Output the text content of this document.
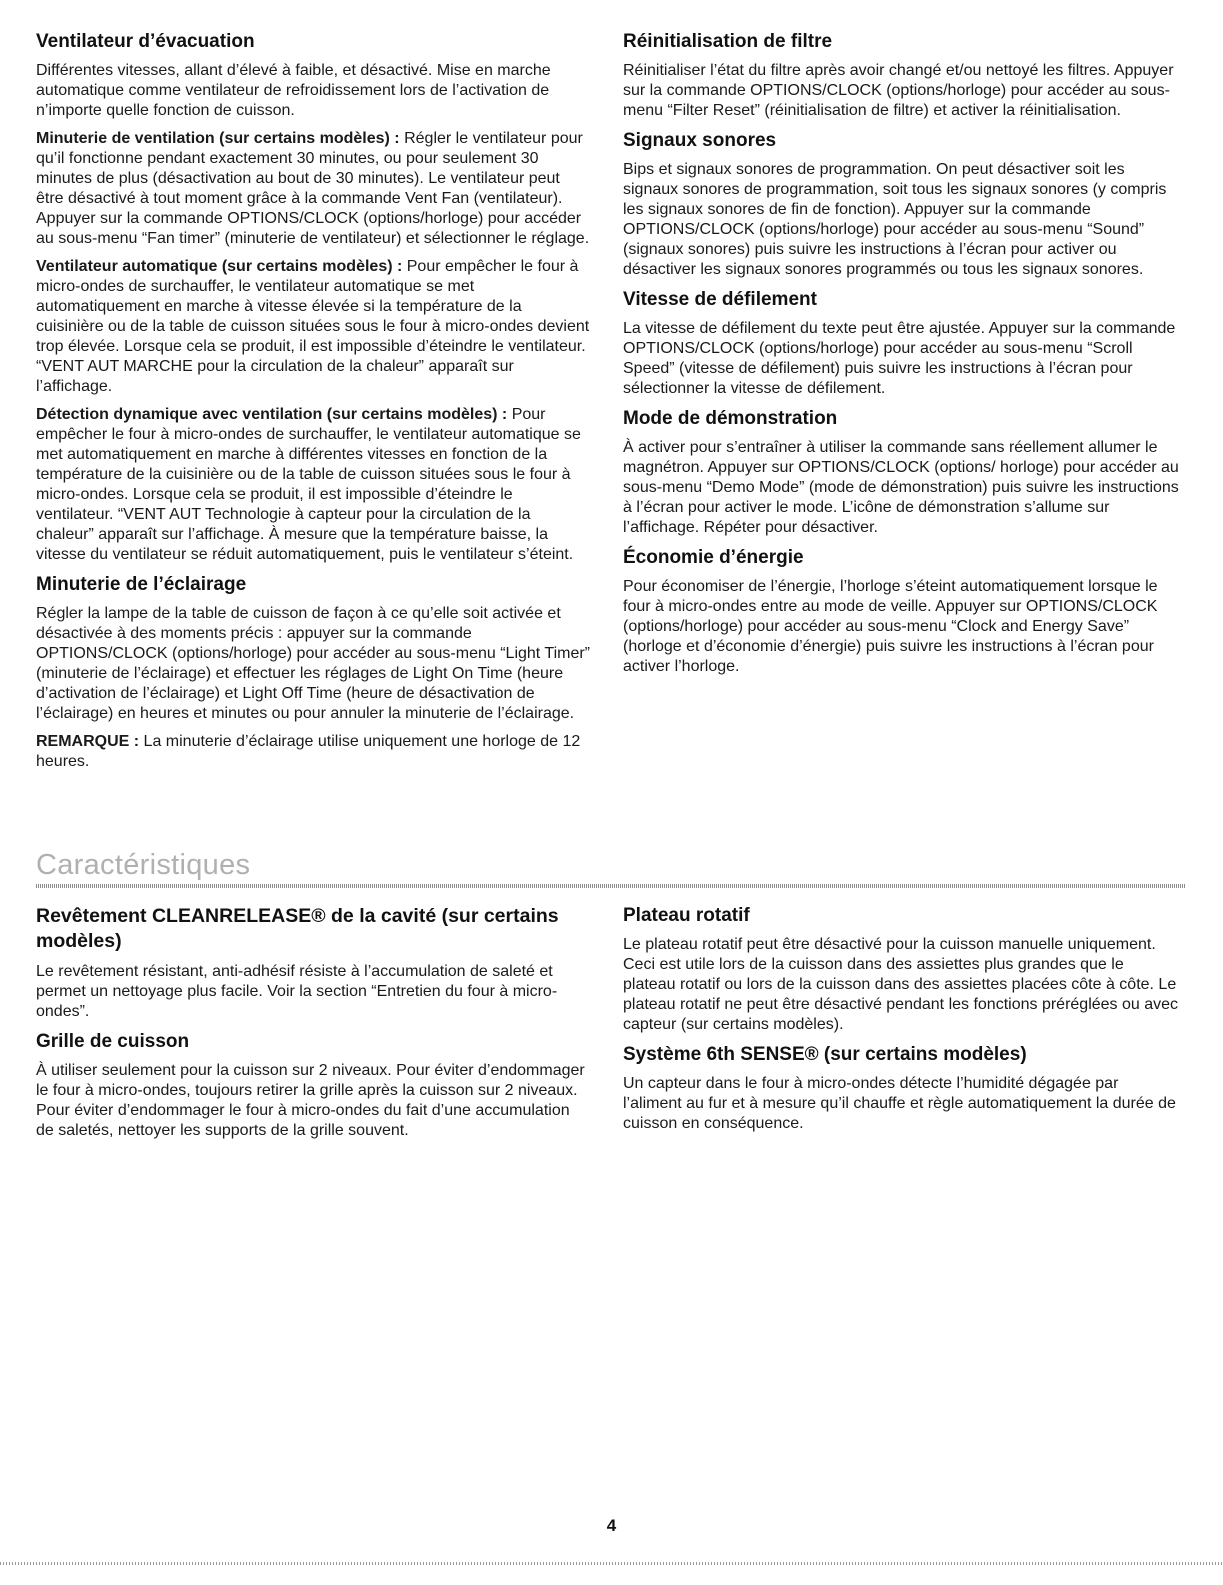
Ventilateur d’évacuation

Différentes vitesses, allant d’élevé à faible, et désactivé. Mise en marche automatique comme ventilateur de refroidissement lors de l’activation de n’importe quelle fonction de cuisson.

Minuterie de ventilation (sur certains modèles) : Régler le ventilateur pour qu’il fonctionne pendant exactement 30 minutes, ou pour seulement 30 minutes de plus (désactivation au bout de 30 minutes). Le ventilateur peut être désactivé à tout moment grâce à la commande Vent Fan (ventilateur). Appuyer sur la commande OPTIONS/CLOCK (options/horloge) pour accéder au sous-menu “Fan timer” (minuterie de ventilateur) et sélectionner le réglage.

Ventilateur automatique (sur certains modèles) : Pour empêcher le four à micro-ondes de surchauffer, le ventilateur automatique se met automatiquement en marche à vitesse élevée si la température de la cuisinière ou de la table de cuisson situées sous le four à micro-ondes devient trop élevée. Lorsque cela se produit, il est impossible d’éteindre le ventilateur. “VENT AUT MARCHE pour la circulation de la chaleur” apparaît sur l’affichage.

Détection dynamique avec ventilation (sur certains modèles) : Pour empêcher le four à micro-ondes de surchauffer, le ventilateur automatique se met automatiquement en marche à différentes vitesses en fonction de la température de la cuisinière ou de la table de cuisson situées sous le four à micro-ondes. Lorsque cela se produit, il est impossible d’éteindre le ventilateur. “VENT AUT Technologie à capteur pour la circulation de la chaleur” apparaît sur l’affichage. À mesure que la température baisse, la vitesse du ventilateur se réduit automatiquement, puis le ventilateur s’éteint.

Minuterie de l’éclairage

Régler la lampe de la table de cuisson de façon à ce qu’elle soit activée et désactivée à des moments précis : appuyer sur la commande OPTIONS/CLOCK (options/horloge) pour accéder au sous-menu “Light Timer” (minuterie de l’éclairage) et effectuer les réglages de Light On Time (heure d’activation de l’éclairage) et Light Off Time (heure de désactivation de l’éclairage) en heures et minutes ou pour annuler la minuterie de l’éclairage.

REMARQUE : La minuterie d’éclairage utilise uniquement une horloge de 12 heures.

Réinitialisation de filtre

Réinitialiser l’état du filtre après avoir changé et/ou nettoyé les filtres. Appuyer sur la commande OPTIONS/CLOCK (options/horloge) pour accéder au sous-menu “Filter Reset” (réinitialisation de filtre) et activer la réinitialisation.

Signaux sonores

Bips et signaux sonores de programmation. On peut désactiver soit les signaux sonores de programmation, soit tous les signaux sonores (y compris les signaux sonores de fin de fonction). Appuyer sur la commande OPTIONS/CLOCK (options/horloge) pour accéder au sous-menu “Sound” (signaux sonores) puis suivre les instructions à l’écran pour activer ou désactiver les signaux sonores programmés ou tous les signaux sonores.

Vitesse de défilement

La vitesse de défilement du texte peut être ajustée. Appuyer sur la commande OPTIONS/CLOCK (options/horloge) pour accéder au sous-menu “Scroll Speed” (vitesse de défilement) puis suivre les instructions à l’écran pour sélectionner la vitesse de défilement.

Mode de démonstration

À activer pour s’entraîner à utiliser la commande sans réellement allumer le magnétron. Appuyer sur OPTIONS/CLOCK (options/ horloge) pour accéder au sous-menu “Demo Mode” (mode de démonstration) puis suivre les instructions à l’écran pour activer le mode. L’icône de démonstration s’allume sur l’affichage. Répéter pour désactiver.

Économie d’énergie

Pour économiser de l’énergie, l’horloge s’éteint automatiquement lorsque le four à micro-ondes entre au mode de veille. Appuyer sur OPTIONS/CLOCK (options/horloge) pour accéder au sous-menu “Clock and Energy Save” (horloge et d’économie d’énergie) puis suivre les instructions à l’écran pour activer l’horloge.

Caractéristiques
Revêtement CLEANRELEASE® de la cavité (sur certains modèles)

Le revêtement résistant, anti-adhésif résiste à l’accumulation de saleté et permet un nettoyage plus facile. Voir la section “Entretien du four à micro-ondes”.

Grille de cuisson

À utiliser seulement pour la cuisson sur 2 niveaux. Pour éviter d’endommager le four à micro-ondes, toujours retirer la grille après la cuisson sur 2 niveaux. Pour éviter d’endommager le four à micro-ondes du fait d’une accumulation de saletés, nettoyer les supports de la grille souvent.

Plateau rotatif

Le plateau rotatif peut être désactivé pour la cuisson manuelle uniquement. Ceci est utile lors de la cuisson dans des assiettes plus grandes que le plateau rotatif ou lors de la cuisson dans des assiettes placées côte à côte. Le plateau rotatif ne peut être désactivé pendant les fonctions préréglées ou avec capteur (sur certains modèles).

Système 6th SENSE® (sur certains modèles)

Un capteur dans le four à micro-ondes détecte l’humidité dégagée par l’aliment au fur et à mesure qu’il chauffe et règle automatiquement la durée de cuisson en conséquence.

4
